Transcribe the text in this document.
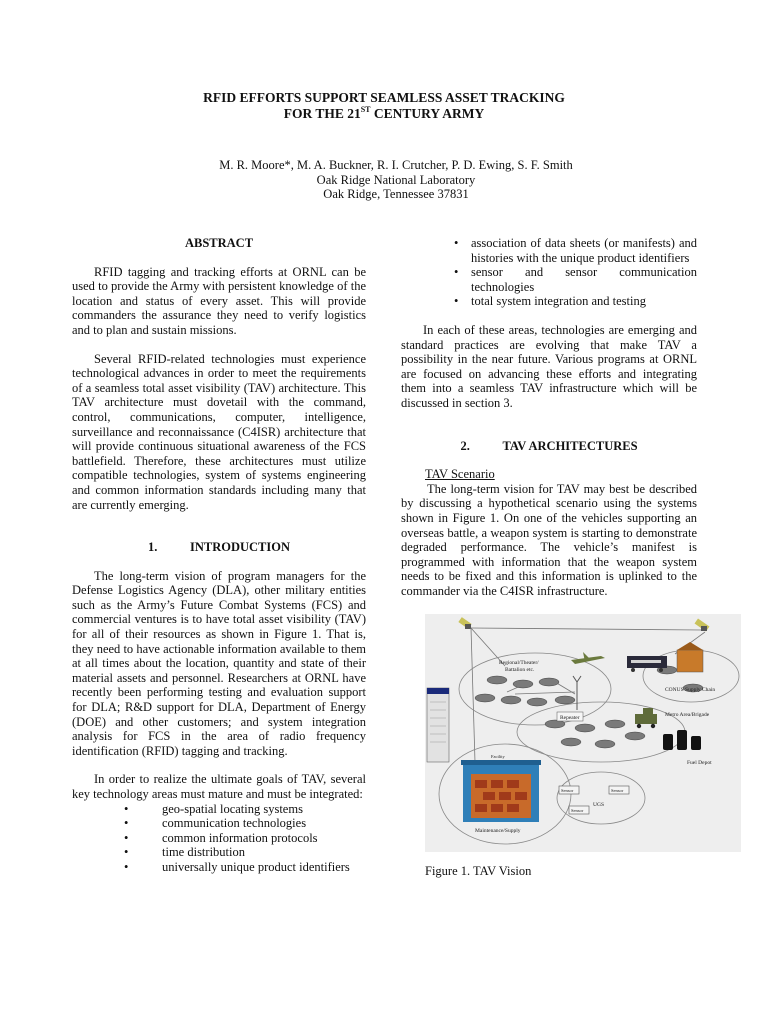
RFID EFFORTS SUPPORT SEAMLESS ASSET TRACKING
FOR THE 21ST CENTURY ARMY
M. R. Moore*, M. A. Buckner, R. I. Crutcher, P. D. Ewing, S. F. Smith
Oak Ridge National Laboratory
Oak Ridge, Tennessee 37831
ABSTRACT

RFID tagging and tracking efforts at ORNL can be used to provide the Army with persistent knowledge of the location and status of every asset. This will provide commanders the assurance they need to verify logistics and to plan and sustain missions.

Several RFID-related technologies must experience technological advances in order to meet the requirements of a seamless total asset visibility (TAV) architecture. This TAV architecture must dovetail with the command, control, communications, computer, intelligence, surveillance and reconnaissance (C4ISR) architecture that will provide continuous situational awareness of the FCS battlefield. Therefore, these architectures must utilize compatible technologies, system of systems engineering and common information standards including many that are currently emerging.

1.	INTRODUCTION

The long-term vision of program managers for the Defense Logistics Agency (DLA), other military entities such as the Army’s Future Combat Systems (FCS) and commercial ventures is to have total asset visibility (TAV) for all of their resources as shown in Figure 1. That is, they need to have actionable information available to them at all times about the location, quantity and state of their material assets and personnel. Researchers at ORNL have recently been performing testing and evaluation support for DLA; R&D support for DLA, Department of Energy (DOE) and other customers; and system integration analysis for FCS in the area of radio frequency identification (RFID) tagging and tracking.

In order to realize the ultimate goals of TAV, several key technology areas must mature and must be integrated:

• geo-spatial locating systems
• communication technologies
• common information protocols
• time distribution
• universally unique product identifiers
• association of data sheets (or manifests) and histories with the unique product identifiers
• sensor and sensor communication technologies
• total system integration and testing

In each of these areas, technologies are emerging and standard practices are evolving that make TAV a possibility in the near future. Various programs at ORNL are focused on advancing these efforts and integrating them into a seamless TAV infrastructure which will be discussed in section 3.

2.	TAV ARCHITECTURES
TAV Scenario

The long-term vision for TAV may best be described by discussing a hypothetical scenario using the systems shown in Figure 1. On one of the vehicles supporting an overseas battle, a weapon system is starting to demonstrate degraded performance. The vehicle’s manifest is programmed with information that the weapon system needs to be fixed and this information is uplinked to the commander via the C4ISR infrastructure.

Regional/Theater/
Battalion etc.
CONUS Supply Chain
Metro Area/Brigade
Repeater
Fuel Depot
UGS
Sensor	Sensor
Sensor
Facility
Maintenance/Supply
Figure 1. TAV Vision
